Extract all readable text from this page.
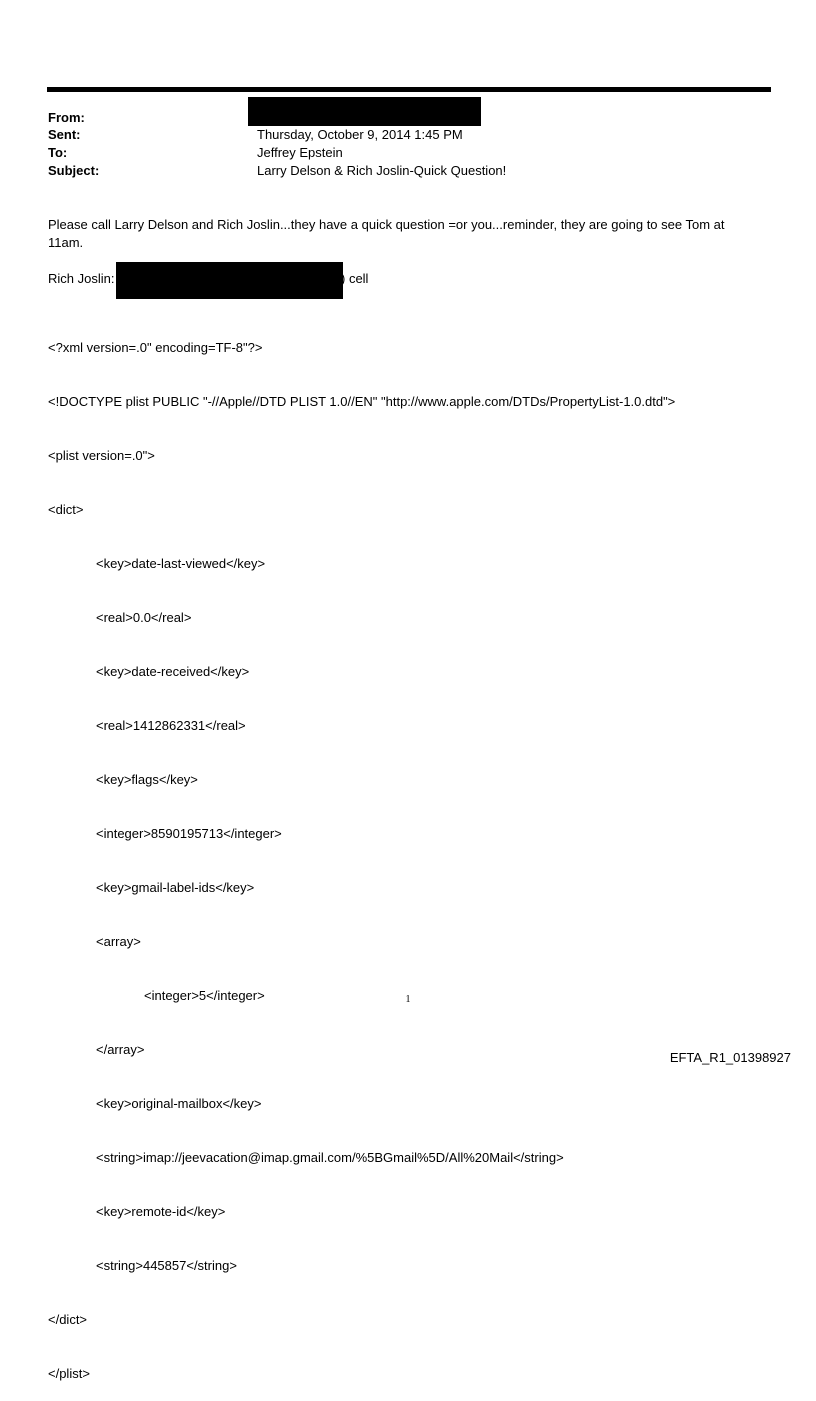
From:
Sent:	Thursday, October 9, 2014 1:45 PM
To:	Jeffrey Epstein
Subject:	Larry Delson & Rich Joslin-Quick Question!
Please call Larry Delson and Rich Joslin...they have a quick question =or you...reminder, they are going to see Tom at 11am.
Rich Joslin:	) cell

<?xml version=.0" encoding=TF-8"?>

<!DOCTYPE plist PUBLIC "-//Apple//DTD PLIST 1.0//EN" "http://www.apple.com/DTDs/PropertyList-1.0.dtd">

<plist version=.0">

<dict>

<key>date-last-viewed</key>

<real>0.0</real>

<key>date-received</key>

<real>1412862331</real>

<key>flags</key>

<integer>8590195713</integer>

<key>gmail-label-ids</key>

<array>

<integer>5</integer>

</array>

<key>original-mailbox</key>

<string>imap://jeevacation@imap.gmail.com/%5BGmail%5D/All%20Mail</string>

<key>remote-id</key>

<string>445857</string>

</dict>

</plist>

1
EFTA_R1_01398927
